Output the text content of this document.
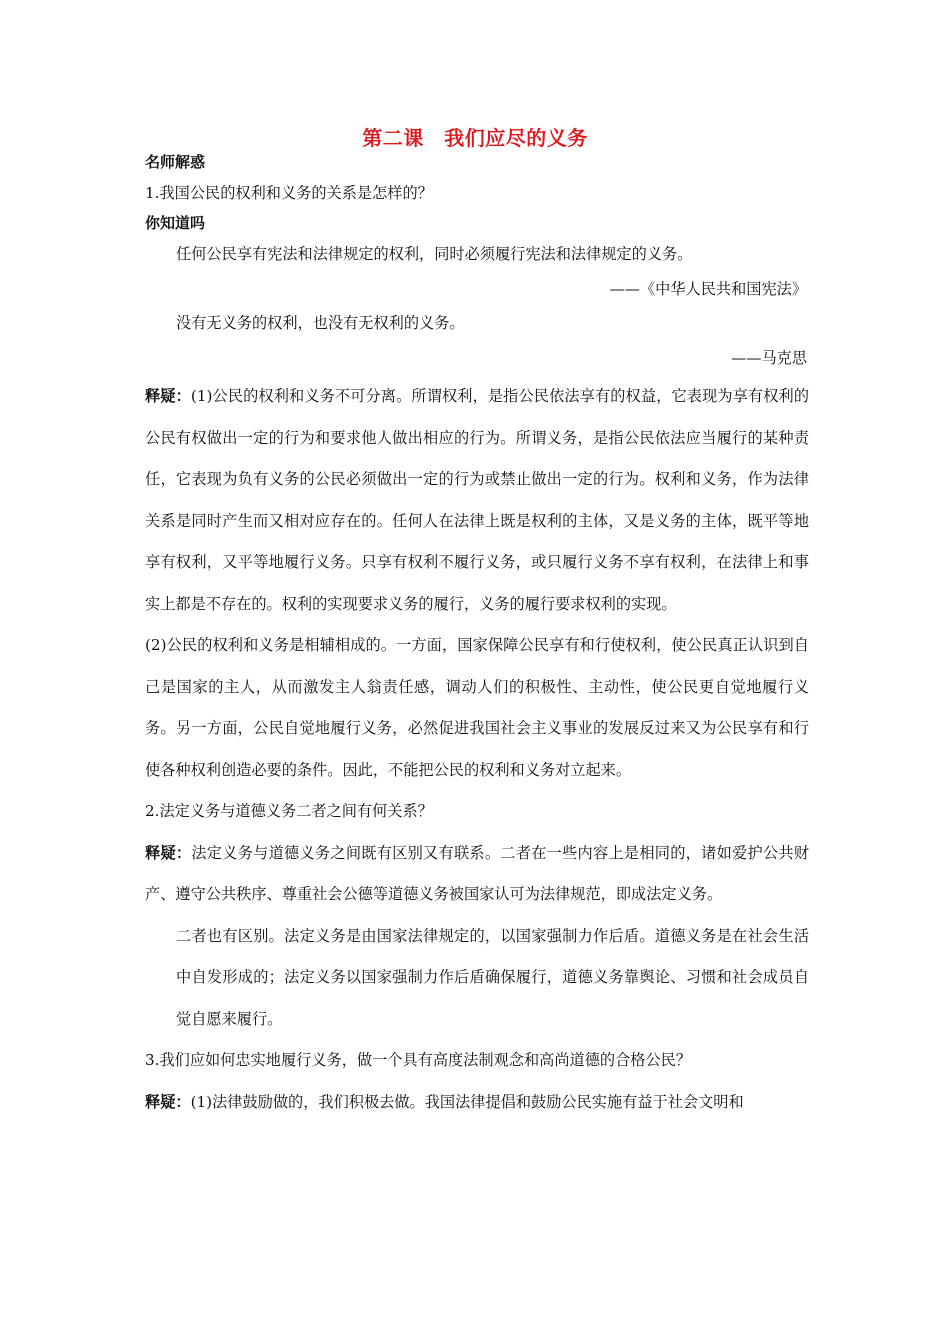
第二课　我们应尽的义务
名师解惑
1.我国公民的权利和义务的关系是怎样的？
你知道吗
任何公民享有宪法和法律规定的权利，同时必须履行宪法和法律规定的义务。
——《中华人民共和国宪法》
没有无义务的权利，也没有无权利的义务。
——马克思
释疑：(1)公民的权利和义务不可分离。所谓权利，是指公民依法享有的权益，它表现为享有权利的公民有权做出一定的行为和要求他人做出相应的行为。所谓义务，是指公民依法应当履行的某种责任，它表现为负有义务的公民必须做出一定的行为或禁止做出一定的行为。权利和义务，作为法律关系是同时产生而又相对应存在的。任何人在法律上既是权利的主体，又是义务的主体，既平等地享有权利，又平等地履行义务。只享有权利不履行义务，或只履行义务不享有权利，在法律上和事实上都是不存在的。权利的实现要求义务的履行，义务的履行要求权利的实现。
(2)公民的权利和义务是相辅相成的。一方面，国家保障公民享有和行使权利，使公民真正认识到自己是国家的主人，从而激发主人翁责任感，调动人们的积极性、主动性，使公民更自觉地履行义务。另一方面，公民自觉地履行义务，必然促进我国社会主义事业的发展反过来又为公民享有和行使各种权利创造必要的条件。因此，不能把公民的权利和义务对立起来。
2.法定义务与道德义务二者之间有何关系？
释疑：法定义务与道德义务之间既有区别又有联系。二者在一些内容上是相同的，诸如爱护公共财产、遵守公共秩序、尊重社会公德等道德义务被国家认可为法律规范，即成法定义务。
二者也有区别。法定义务是由国家法律规定的，以国家强制力作后盾。道德义务是在社会生活中自发形成的；法定义务以国家强制力作后盾确保履行，道德义务靠舆论、习惯和社会成员自觉自愿来履行。
3.我们应如何忠实地履行义务，做一个具有高度法制观念和高尚道德的合格公民？
释疑：(1)法律鼓励做的，我们积极去做。我国法律提倡和鼓励公民实施有益于社会文明和
